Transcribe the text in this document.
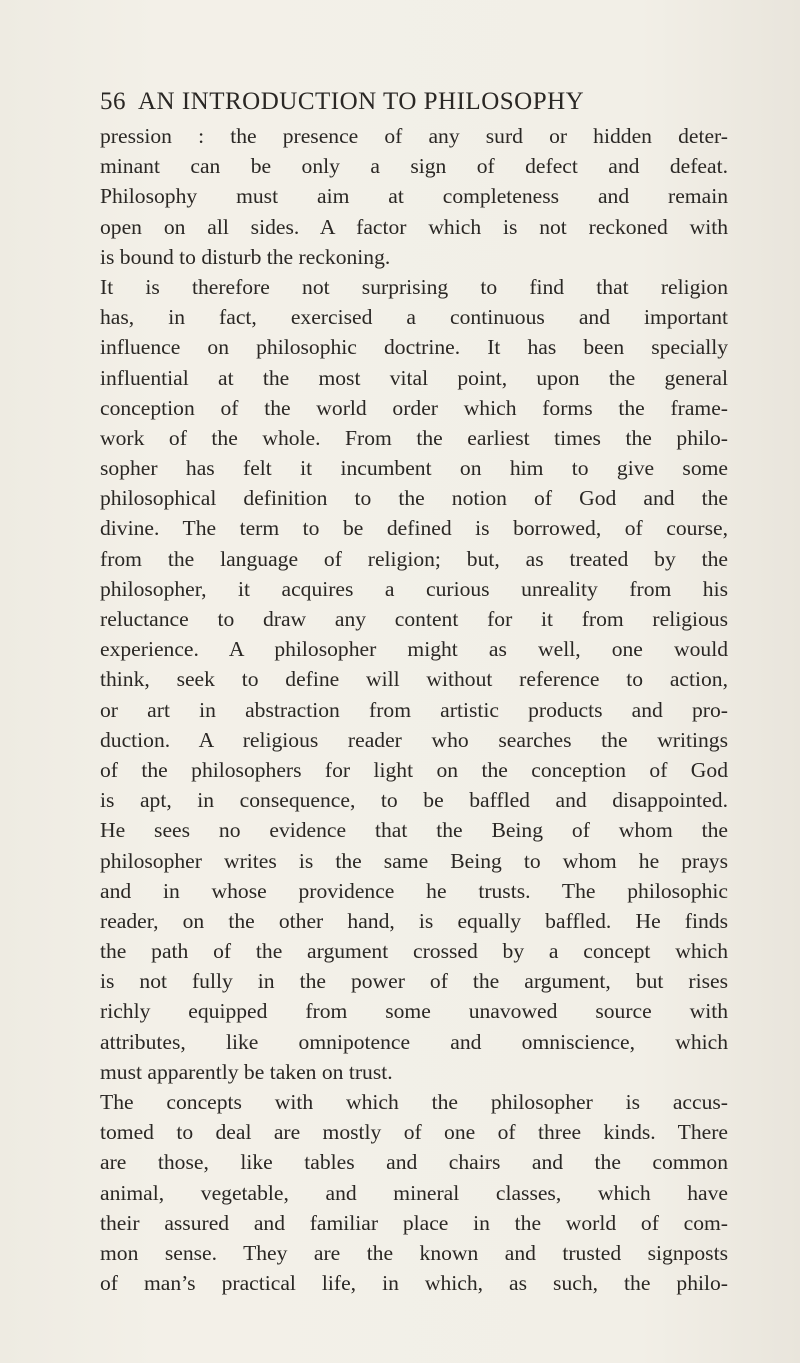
56 AN INTRODUCTION TO PHILOSOPHY
pression : the presence of any surd or hidden deter-
minant can be only a sign of defect and defeat.
Philosophy must aim at completeness and remain
open on all sides. A factor which is not reckoned with
is bound to disturb the reckoning.
It is therefore not surprising to find that religion
has, in fact, exercised a continuous and important
influence on philosophic doctrine. It has been specially
influential at the most vital point, upon the general
conception of the world order which forms the frame-
work of the whole. From the earliest times the philo-
sopher has felt it incumbent on him to give some
philosophical definition to the notion of God and the
divine. The term to be defined is borrowed, of course,
from the language of religion; but, as treated by the
philosopher, it acquires a curious unreality from his
reluctance to draw any content for it from religious
experience. A philosopher might as well, one would
think, seek to define will without reference to action,
or art in abstraction from artistic products and pro-
duction. A religious reader who searches the writings
of the philosophers for light on the conception of God
is apt, in consequence, to be baffled and disappointed.
He sees no evidence that the Being of whom the
philosopher writes is the same Being to whom he prays
and in whose providence he trusts. The philosophic
reader, on the other hand, is equally baffled. He finds
the path of the argument crossed by a concept which
is not fully in the power of the argument, but rises
richly equipped from some unavowed source with
attributes, like omnipotence and omniscience, which
must apparently be taken on trust.
The concepts with which the philosopher is accus-
tomed to deal are mostly of one of three kinds. There
are those, like tables and chairs and the common
animal, vegetable, and mineral classes, which have
their assured and familiar place in the world of com-
mon sense. They are the known and trusted signposts
of man’s practical life, in which, as such, the philo-
